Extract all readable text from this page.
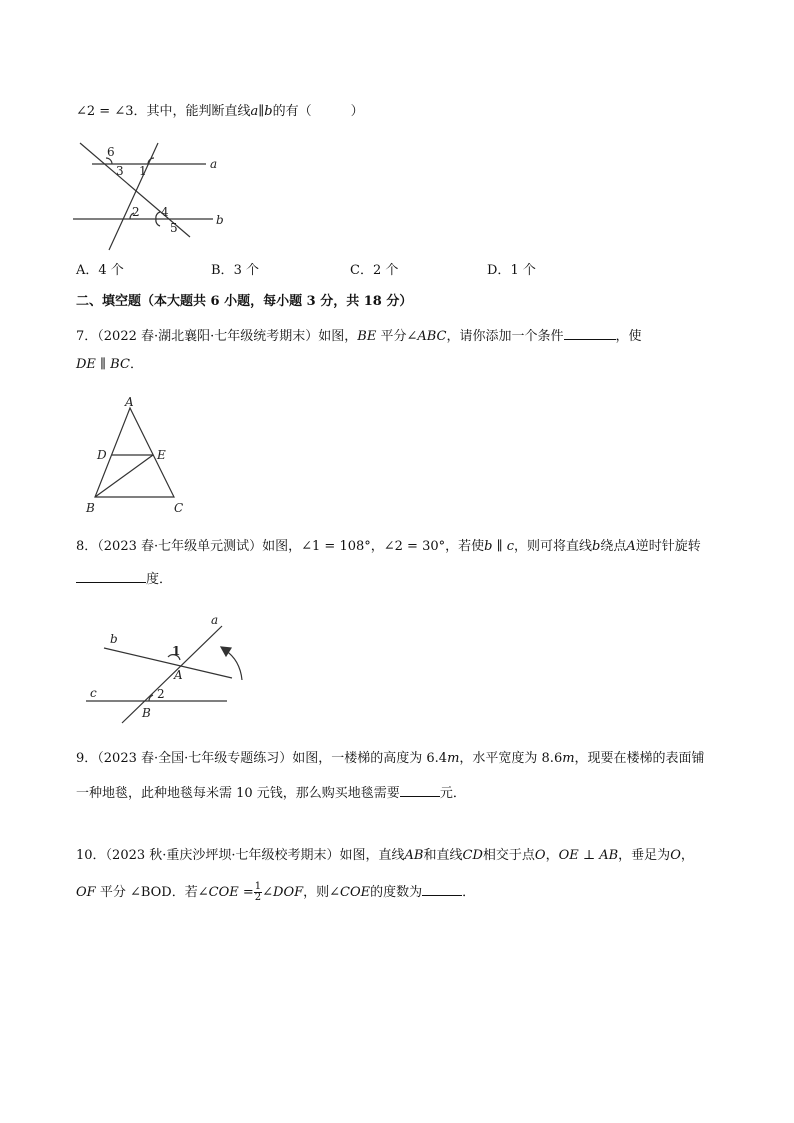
∠2 = ∠3．其中，能判断直线a∥b的有（　　　）
6
3 1
2 4
5
a
b
A．4 个	B．3 个	C．2 个	D．1 个
二、填空题（本大题共 6 小题，每小题 3 分，共 18 分）
7．（2022 春·湖北襄阳·七年级统考期末）如图，BE 平分∠ABC，请你添加一个条件	，使
DE ∥ BC．
A
D	E
B	C
8．（2023 春·七年级单元测试）如图，∠1 = 108°，∠2 = 30°，若使b ∥ c，则可将直线b绕点A逆时针旋转
度．
a
b
c
1
A
2
B
9．（2023 春·全国·七年级专题练习）如图，一楼梯的高度为 6.4m，水平宽度为 8.6m，现要在楼梯的表面铺
一种地毯，此种地毯每米需 10 元钱，那么购买地毯需要	元．
10．（2023 秋·重庆沙坪坝·七年级校考期末）如图，直线AB和直线CD相交于点O，OE ⊥ AB，垂足为O，
OF 平分 ∠BOD．若∠COE = $\frac{1}{2}$ ∠DOF，则∠COE的度数为	．
